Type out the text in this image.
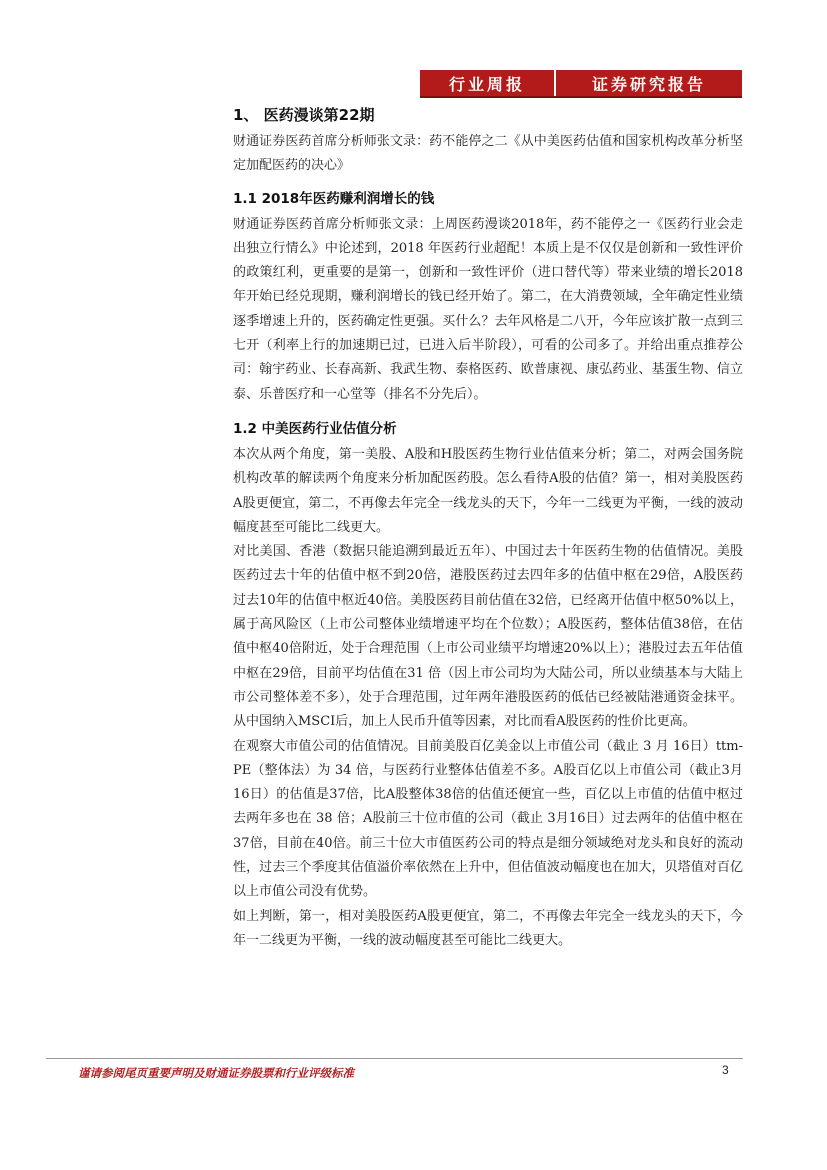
行业周报	证券研究报告
1、 医药漫谈第22期

财通证券医药首席分析师张文录：药不能停之二《从中美医药估值和国家机构改革分析坚定加配医药的决心》

1.1 2018年医药赚利润增长的钱

财通证券医药首席分析师张文录：上周医药漫谈2018年，药不能停之一《医药行业会走出独立行情么》中论述到，2018 年医药行业超配！本质上是不仅仅是创新和一致性评价的政策红利，更重要的是第一，创新和一致性评价（进口替代等）带来业绩的增长2018年开始已经兑现期，赚利润增长的钱已经开始了。第二，在大消费领域，全年确定性业绩逐季增速上升的，医药确定性更强。买什么？去年风格是二八开，今年应该扩散一点到三七开（利率上行的加速期已过，已进入后半阶段），可看的公司多了。并给出重点推荐公司：翰宇药业、长春高新、我武生物、泰格医药、欧普康视、康弘药业、基蛋生物、信立泰、乐普医疗和一心堂等（排名不分先后）。

1.2 中美医药行业估值分析

本次从两个角度，第一美股、A股和H股医药生物行业估值来分析；第二，对两会国务院机构改革的解读两个角度来分析加配医药股。怎么看待A股的估值？第一，相对美股医药A股更便宜，第二，不再像去年完全一线龙头的天下，今年一二线更为平衡，一线的波动幅度甚至可能比二线更大。

对比美国、香港（数据只能追溯到最近五年）、中国过去十年医药生物的估值情况。美股医药过去十年的估值中枢不到20倍，港股医药过去四年多的估值中枢在29倍，A股医药过去10年的估值中枢近40倍。美股医药目前估值在32倍，已经离开估值中枢50%以上，属于高风险区（上市公司整体业绩增速平均在个位数）；A股医药，整体估值38倍，在估值中枢40倍附近，处于合理范围（上市公司业绩平均增速20%以上）；港股过去五年估值中枢在29倍，目前平均估值在31 倍（因上市公司均为大陆公司，所以业绩基本与大陆上市公司整体差不多），处于合理范围，过年两年港股医药的低估已经被陆港通资金抹平。从中国纳入MSCI后，加上人民币升值等因素，对比而看A股医药的性价比更高。

在观察大市值公司的估值情况。目前美股百亿美金以上市值公司（截止 3 月 16日）ttm-PE（整体法）为 34 倍，与医药行业整体估值差不多。A股百亿以上市值公司（截止3月16日）的估值是37倍，比A股整体38倍的估值还便宜一些，百亿以上市值的估值中枢过去两年多也在 38 倍；A股前三十位市值的公司（截止 3月16日）过去两年的估值中枢在37倍，目前在40倍。前三十位大市值医药公司的特点是细分领域绝对龙头和良好的流动性，过去三个季度其估值溢价率依然在上升中，但估值波动幅度也在加大，贝塔值对百亿以上市值公司没有优势。

如上判断，第一，相对美股医药A股更便宜，第二，不再像去年完全一线龙头的天下，今年一二线更为平衡，一线的波动幅度甚至可能比二线更大。

谨请参阅尾页重要声明及财通证券股票和行业评级标准	3
